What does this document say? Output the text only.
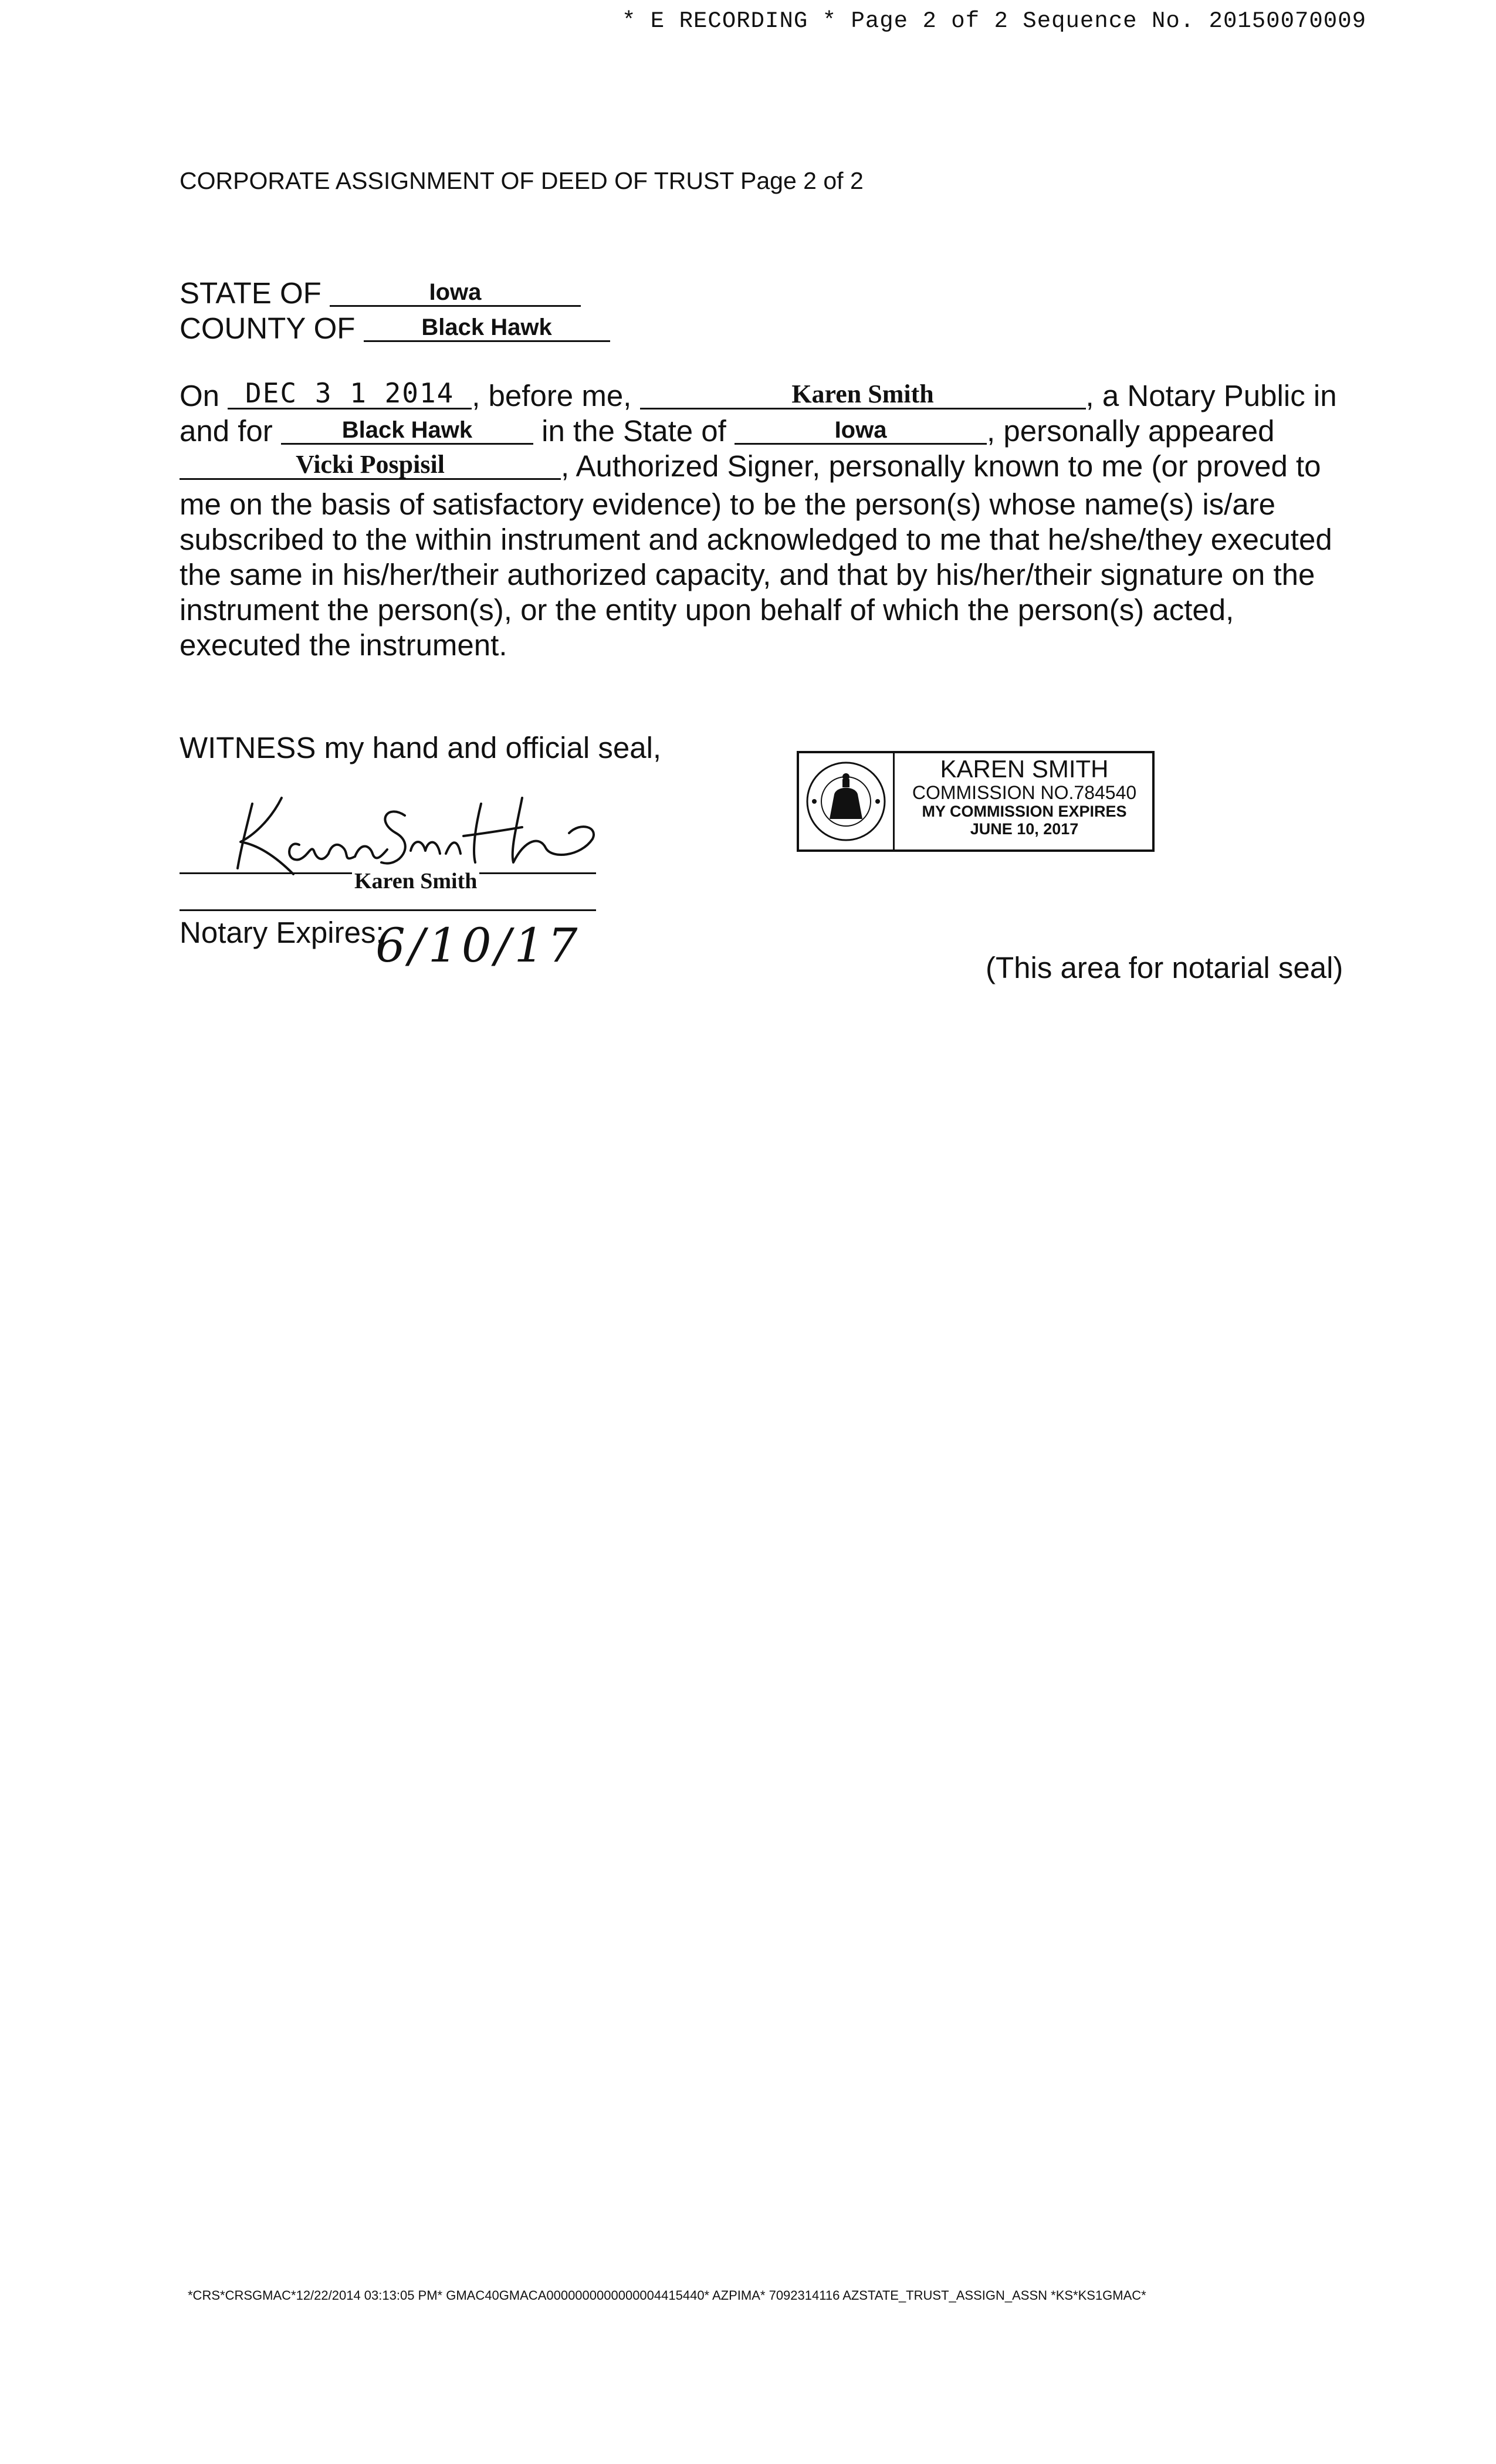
* E RECORDING * Page 2 of 2 Sequence No. 20150070009
CORPORATE ASSIGNMENT OF DEED OF TRUST Page 2 of 2
STATE OF	Iowa
COUNTY OF	Black Hawk
On DEC 3 1 2014 , before me,	Karen Smith	, a Notary Public in
and for	Black Hawk in the State of	Iowa	, personally appeared
Vicki Pospisil	, Authorized Signer, personally known to me (or proved to
me on the basis of satisfactory evidence) to be the person(s) whose name(s) is/are
subscribed to the within instrument and acknowledged to me that he/she/they executed
the same in his/her/their authorized capacity, and that by his/her/their signature on the
instrument the person(s), or the entity upon behalf of which the person(s) acted,
executed the instrument.
WITNESS my hand and official seal,
Karen Smith
Notary Expires:
6/10/17
KAREN SMITH
COMMISSION NO.784540
MY COMMISSION EXPIRES
JUNE 10, 2017
(This area for notarial seal)
*CRS*CRSGMAC*12/22/2014 03:13:05 PM* GMAC40GMACA0000000000000004415440* AZPIMA* 7092314116 AZSTATE_TRUST_ASSIGN_ASSN *KS*KS1GMAC*
